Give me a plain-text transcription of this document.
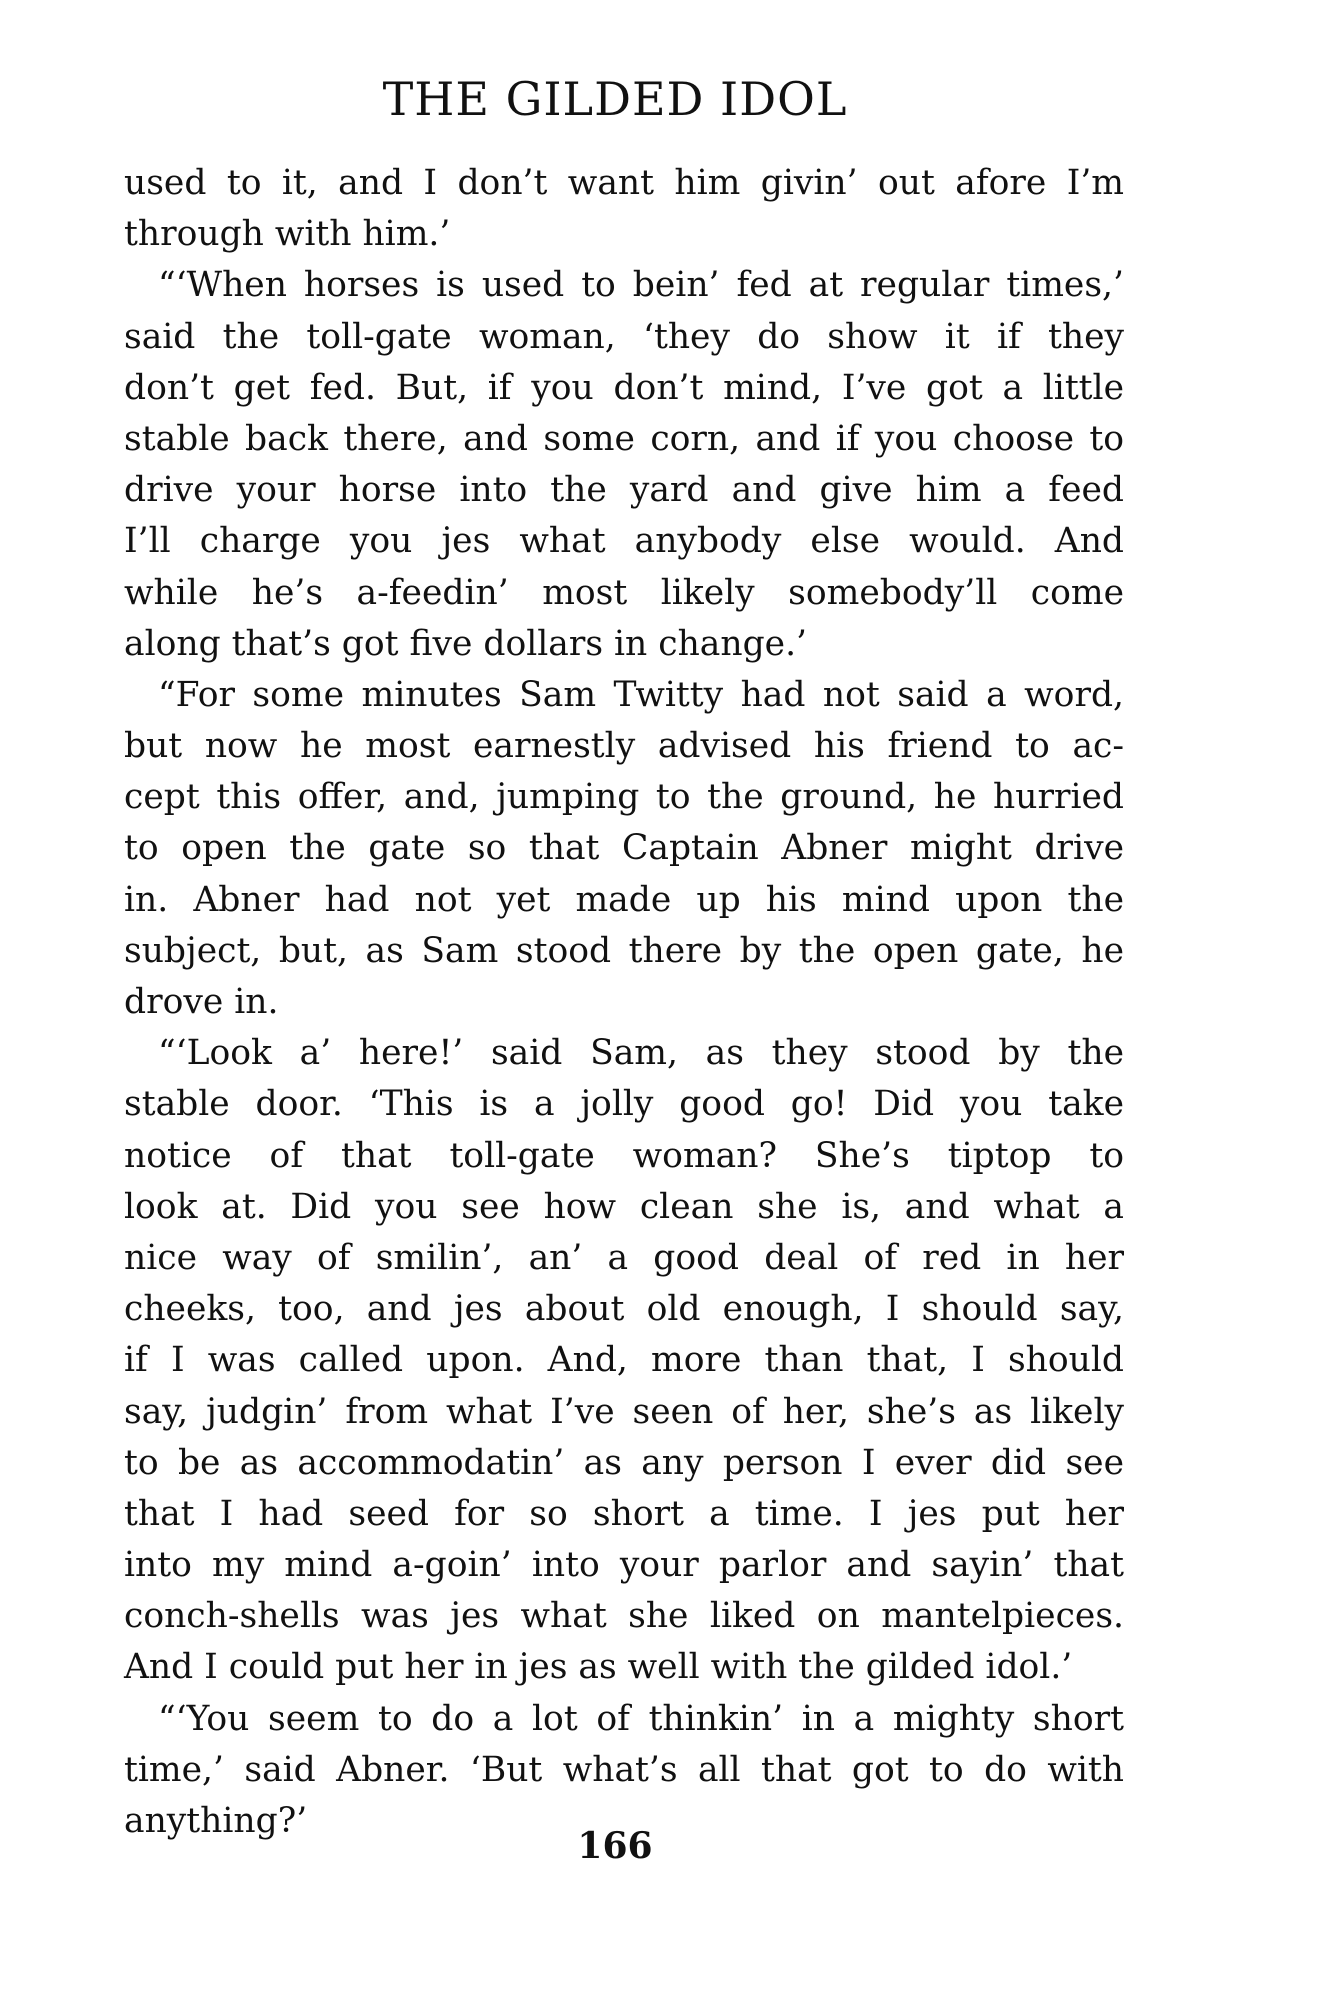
THE GILDED IDOL
used to it, and I don’t want him givin’ out afore I’m
through with him.’
“‘When horses is used to bein’ fed at regular times,’
said the toll-gate woman, ‘they do show it if they
don’t get fed. But, if you don’t mind, I’ve got a little
stable back there, and some corn, and if you choose to
drive your horse into the yard and give him a feed
I’ll charge you jes what anybody else would. And
while he’s a-feedin’ most likely somebody’ll come
along that’s got five dollars in change.’
“For some minutes Sam Twitty had not said a word,
but now he most earnestly advised his friend to ac-
cept this offer, and, jumping to the ground, he hurried
to open the gate so that Captain Abner might drive
in. Abner had not yet made up his mind upon the
subject, but, as Sam stood there by the open gate, he
drove in.
“‘Look a’ here!’ said Sam, as they stood by the
stable door. ‘This is a jolly good go! Did you take
notice of that toll-gate woman? She’s tiptop to
look at. Did you see how clean she is, and what a
nice way of smilin’, an’ a good deal of red in her
cheeks, too, and jes about old enough, I should say,
if I was called upon. And, more than that, I should
say, judgin’ from what I’ve seen of her, she’s as likely
to be as accommodatin’ as any person I ever did see
that I had seed for so short a time. I jes put her
into my mind a-goin’ into your parlor and sayin’ that
conch-shells was jes what she liked on mantelpieces.
And I could put her in jes as well with the gilded idol.’
“‘You seem to do a lot of thinkin’ in a mighty short
time,’ said Abner. ‘But what’s all that got to do with
anything?’
166
